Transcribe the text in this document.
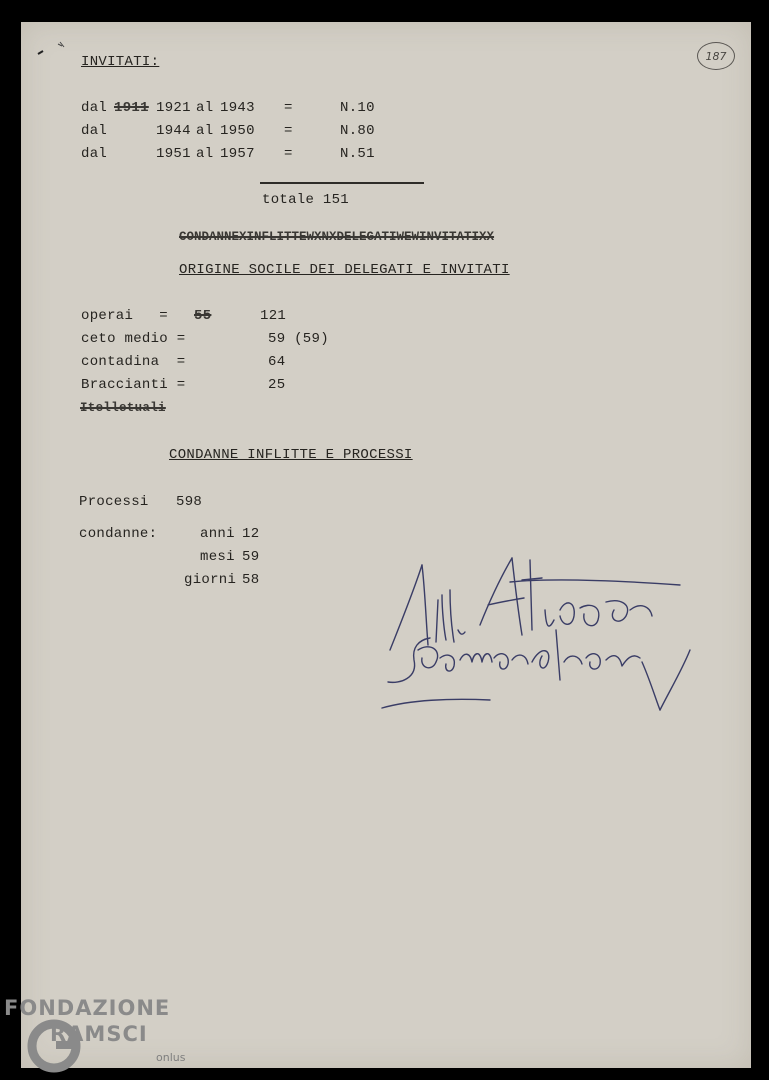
187
INVITATI:
dal 1911 1921 al 1943 =	N.10
dal	1944 al 1950 =	N.80
dal	1951 al 1957 =	N.51
totale 151
CONDANNEXINFLITTEWXNXDELEGATIWEWINVITATIXX
ORIGINE SOCILE DEI DELEGATI E INVITATI
operai   = 55	121
ceto medio =	59 (59)
contadina  =	64
Braccianti =	25
Itelletuali
CONDANNE INFLITTE E PROCESSI
Processi 598
condanne:	anni 12
mesi 59
giorni 58
FONDAZIONE
RAMSCI
onlus
